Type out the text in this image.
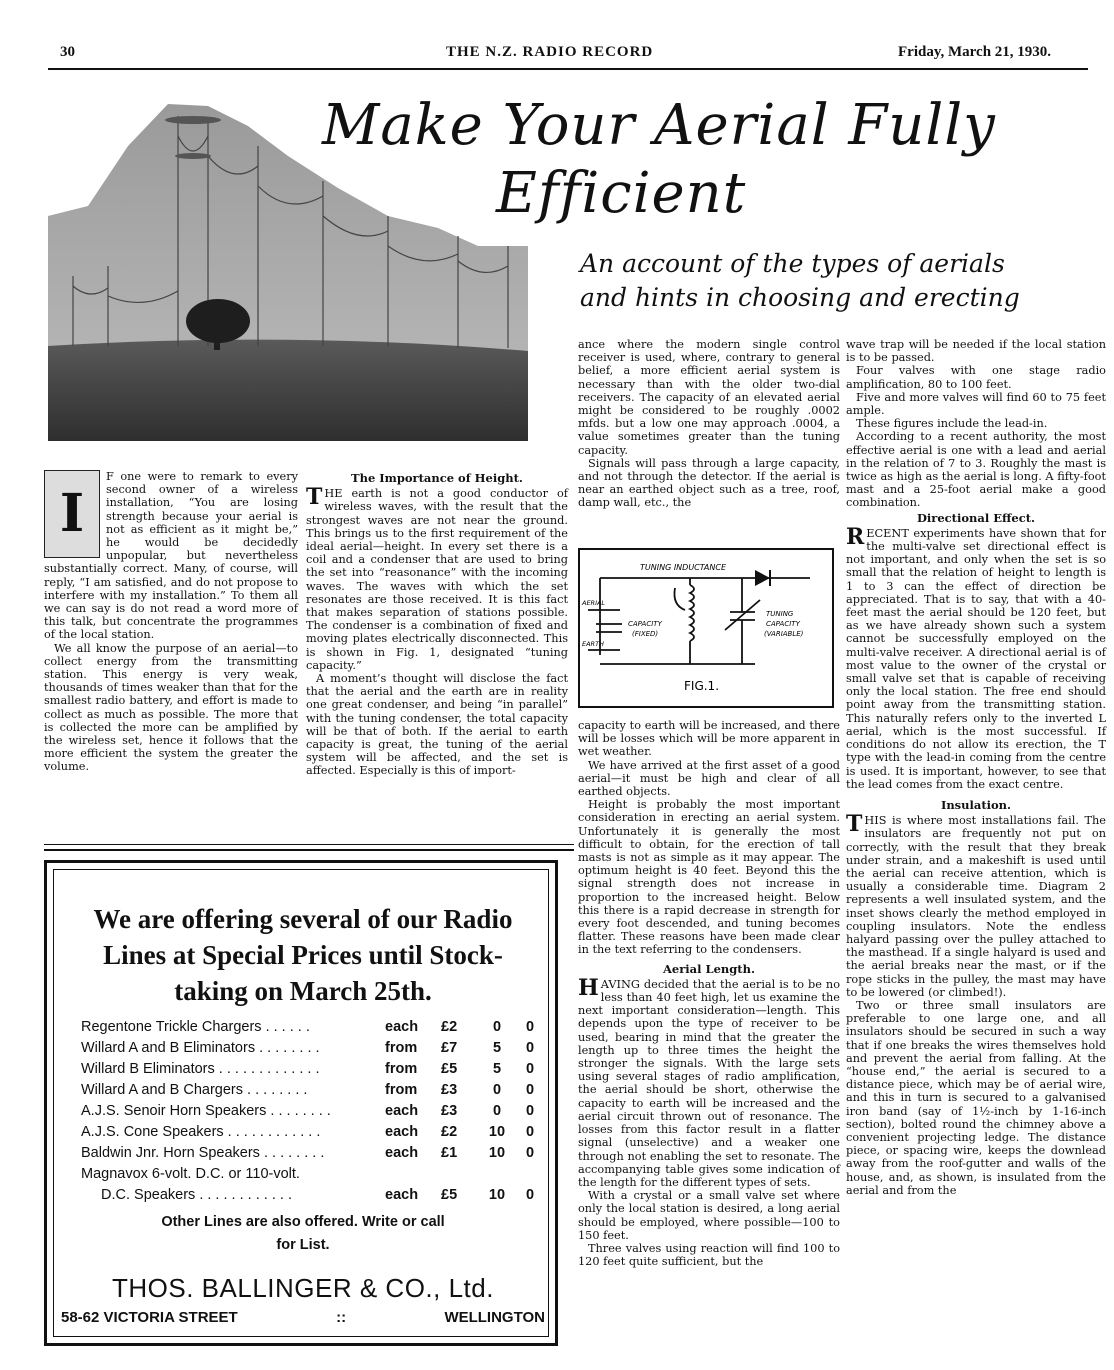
30	THE N.Z. RADIO RECORD	Friday, March 21, 1930.
Make Your Aerial Fully
Efficient
An account of the types of aerials
and hints in choosing and erecting
I

F one were to remark to every second owner of a wireless installation, “You are losing strength because your aerial is not as efficient as it might be,” he would be decidedly unpopular, but nevertheless substantially correct. Many, of course, will reply, “I am satisfied, and do not propose to interfere with my installation.” To them all we can say is do not read a word more of this talk, but concentrate the programmes of the local station.

We all know the purpose of an aerial—to collect energy from the transmitting station. This energy is very weak, thousands of times weaker than that for the smallest radio battery, and effort is made to collect as much as possible. The more that is collected the more can be amplified by the wireless set, hence it follows that the more efficient the system the greater the volume.

The Importance of Height.

THE earth is not a good conductor of wireless waves, with the result that the strongest waves are not near the ground. This brings us to the first requirement of the ideal aerial—height. In every set there is a coil and a condenser that are used to bring the set into “reasonance” with the incoming waves. The waves with which the set resonates are those received. It is this fact that makes separation of stations possible. The condenser is a combination of fixed and moving plates electrically disconnected. This is shown in Fig. 1, designated “tuning capacity.”

A moment’s thought will disclose the fact that the aerial and the earth are in reality one great condenser, and being “in parallel” with the tuning condenser, the total capacity will be that of both. If the aerial to earth capacity is great, the tuning of the aerial system will be affected, and the set is affected. Especially is this of import-

ance where the modern single control receiver is used, where, contrary to general belief, a more efficient aerial system is necessary than with the older two-dial receivers. The capacity of an elevated aerial might be considered to be roughly .0002 mfds. but a low one may approach .0004, a value sometimes greater than the tuning capacity.

Signals will pass through a large capacity, and not through the detector. If the aerial is near an earthed object such as a tree, roof, damp wall, etc., the

TUNING INDUCTANCE
AERIAL
EARTH
CAPACITY
(FIXED)
TUNING
CAPACITY
(VARIABLE)
FIG.1.

capacity to earth will be increased, and there will be losses which will be more apparent in wet weather.

We have arrived at the first asset of a good aerial—it must be high and clear of all earthed objects.

Height is probably the most important consideration in erecting an aerial system. Unfortunately it is generally the most difficult to obtain, for the erection of tall masts is not as simple as it may appear. The optimum height is 40 feet. Beyond this the signal strength does not increase in proportion to the increased height. Below this there is a rapid decrease in strength for every foot descended, and tuning becomes flatter. These reasons have been made clear in the text referring to the condensers.

Aerial Length.

HAVING decided that the aerial is to be no less than 40 feet high, let us examine the next important consideration—length. This depends upon the type of receiver to be used, bearing in mind that the greater the length up to three times the height the stronger the signals. With the large sets using several stages of radio amplification, the aerial should be short, otherwise the capacity to earth will be increased and the aerial circuit thrown out of resonance. The losses from this factor result in a flatter signal (unselective) and a weaker one through not enabling the set to resonate. The accompanying table gives some indication of the length for the different types of sets.

With a crystal or a small valve set where only the local station is desired, a long aerial should be employed, where possible—100 to 150 feet.

Three valves using reaction will find 100 to 120 feet quite sufficient, but the

wave trap will be needed if the local station is to be passed.

Four valves with one stage radio amplification, 80 to 100 feet.

Five and more valves will find 60 to 75 feet ample.

These figures include the lead-in.

According to a recent authority, the most effective aerial is one with a lead and aerial in the relation of 7 to 3. Roughly the mast is twice as high as the aerial is long. A fifty-foot mast and a 25-foot aerial make a good combination.

Directional Effect.

RECENT experiments have shown that for the multi-valve set directional effect is not important, and only when the set is so small that the relation of height to length is 1 to 3 can the effect of direction be appreciated. That is to say, that with a 40-feet mast the aerial should be 120 feet, but as we have already shown such a system cannot be successfully employed on the multi-valve receiver. A directional aerial is of most value to the owner of the crystal or small valve set that is capable of receiving only the local station. The free end should point away from the transmitting station. This naturally refers only to the inverted L aerial, which is the most successful. If conditions do not allow its erection, the T type with the lead-in coming from the centre is used. It is important, however, to see that the lead comes from the exact centre.

Insulation.

THIS is where most installations fail. The insulators are frequently not put on correctly, with the result that they break under strain, and a makeshift is used until the aerial can receive attention, which is usually a considerable time. Diagram 2 represents a well insulated system, and the inset shows clearly the method employed in coupling insulators. Note the endless halyard passing over the pulley attached to the masthead. If a single halyard is used and the aerial breaks near the mast, or if the rope sticks in the pulley, the mast may have to be lowered (or climbed!).

Two or three small insulators are preferable to one large one, and all insulators should be secured in such a way that if one breaks the wires themselves hold and prevent the aerial from falling. At the “house end,” the aerial is secured to a distance piece, which may be of aerial wire, and this in turn is secured to a galvanised iron band (say of 1½-inch by 1-16-inch section), bolted round the chimney above a convenient projecting ledge. The distance piece, or spacing wire, keeps the downlead away from the roof-gutter and walls of the house, and, as shown, is insulated from the aerial and from the

We are offering several of our Radio
Lines at Special Prices until Stock-
taking on March 25th.
Regentone Trickle Chargers . . . . . .	each	£2	0	0
Willard A and B Eliminators . . . . . . . .	from	£7	5	0
Willard B Eliminators . . . . . . . . . . . . .	from	£5	5	0
Willard A and B Chargers . . . . . . . .	from	£3	0	0
A.J.S. Senoir Horn Speakers . . . . . . . .	each	£3	0	0
A.J.S. Cone Speakers . . . . . . . . . . . .	each	£2	10	0
Baldwin Jnr. Horn Speakers . . . . . . . .	each	£1	10	0
Magnavox 6-volt. D.C. or 110-volt.
D.C. Speakers . . . . . . . . . . . .	each	£5	10	0
Other Lines are also offered. Write or call
for List.
THOS. BALLINGER & CO., Ltd.
58-62 VICTORIA STREET	::	WELLINGTON
